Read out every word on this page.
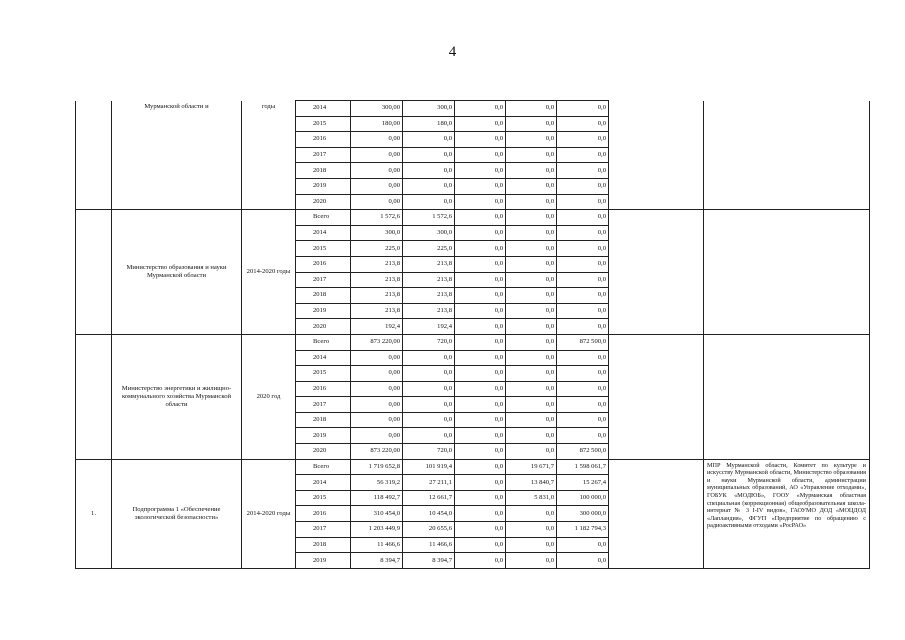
4
	Мурманской области и	годы	2014	300,00	300,0	0,0	0,0	0,0		
			2015	180,00	180,0	0,0	0,0	0,0		
			2016	0,00	0,0	0,0	0,0	0,0		
			2017	0,00	0,0	0,0	0,0	0,0		
			2018	0,00	0,0	0,0	0,0	0,0		
			2019	0,00	0,0	0,0	0,0	0,0		
			2020	0,00	0,0	0,0	0,0	0,0		
	Министерство образования и науки Мурманской области	2014-2020 годы	Всего	1 572,6	1 572,6	0,0	0,0	0,0		
			2014	300,0	300,0	0,0	0,0	0,0		
			2015	225,0	225,0	0,0	0,0	0,0		
			2016	213,8	213,8	0,0	0,0	0,0		
			2017	213,8	213,8	0,0	0,0	0,0		
			2018	213,8	213,8	0,0	0,0	0,0		
			2019	213,8	213,8	0,0	0,0	0,0		
			2020	192,4	192,4	0,0	0,0	0,0		
	Министерство энергетики и жилищно-коммунального хозяйства Мурманской области	2020 год	Всего	873 220,00	720,0	0,0	0,0	872 500,0		
			2014	0,00	0,0	0,0	0,0	0,0		
			2015	0,00	0,0	0,0	0,0	0,0		
			2016	0,00	0,0	0,0	0,0	0,0		
			2017	0,00	0,0	0,0	0,0	0,0		
			2018	0,00	0,0	0,0	0,0	0,0		
			2019	0,00	0,0	0,0	0,0	0,0		
			2020	873 220,00	720,0	0,0	0,0	872 500,0		
1.	Подпрограмма 1 «Обеспечение экологической безопасности»	2014-2020 годы	Всего	1 719 652,8	101 919,4	0,0	19 671,7	1 598 061,7		МПР Мурманской области, Комитет по культуре и искусству Мурманской области, Министерство образования и науки Мурманской области, администрации муниципальных образований, АО «Управление отходами», ГОБУК «МОДЮБ», ГООУ «Мурманская областная специальная (коррекционная) общеобразовательная школа-интернат № 3 I-IV видов», ГАОУМО ДОД «МОЦДОД «Лапландия», ФГУП «Предприятие по обращению с радиоактивными отходами «РосРАО»
			2014	56 319,2	27 211,1	0,0	13 840,7	15 267,4		
			2015	118 492,7	12 661,7	0,0	5 831,0	100 000,0		
			2016	310 454,0	10 454,0	0,0	0,0	300 000,0		
			2017	1 203 449,9	20 655,6	0,0	0,0	1 182 794,3		
			2018	11 466,6	11 466,6	0,0	0,0	0,0		
			2019	8 394,7	8 394,7	0,0	0,0	0,0		
